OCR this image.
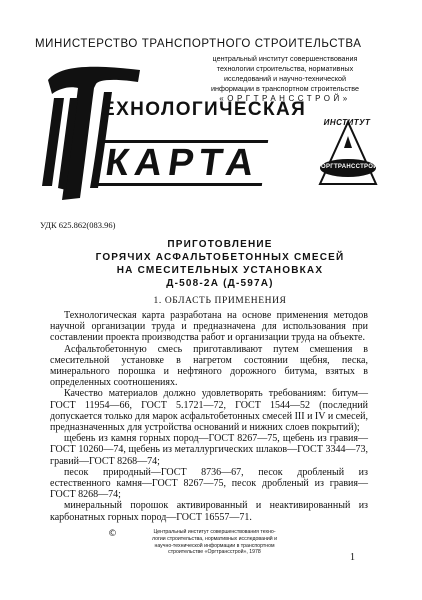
МИНИСТЕРСТВО ТРАНСПОРТНОГО СТРОИТЕЛЬСТВА
центральный институт совершенствования
технологии строительства, нормативных
исследований и научно-технической
информации в транспортном строительстве
«ОРГТРАНССТРОЙ»
ЕХНОЛОГИЧЕСКАЯ
КАРТА
ИНСТИТУТ
ОРГТРАНССТРОЙ
УДК 625.862(083.96)
ПРИГОТОВЛЕНИЕ
ГОРЯЧИХ АСФАЛЬТОБЕТОННЫХ СМЕСЕЙ
НА СМЕСИТЕЛЬНЫХ УСТАНОВКАХ
Д-508-2А (Д-597А)
1. ОБЛАСТЬ ПРИМЕНЕНИЯ

Технологическая карта разработана на основе применения методов научной организации труда и предназначена для использования при составлении проекта производства работ и организации труда на объекте.

Асфальтобетонную смесь приготавливают путем смешения в смесительной установке в нагретом состоянии щебня, песка, минерального порошка и нефтяного дорожного битума, взятых в определенных соотношениях.

Качество материалов должно удовлетворять требованиям: битум—ГОСТ 11954—66, ГОСТ 5.1721—72, ГОСТ 1544—52 (последний допускается только для марок асфальтобетонных смесей III и IV и смесей, предназначенных для устройства оснований и нижних слоев покрытий);

щебень из камня горных пород—ГОСТ 8267—75, щебень из гравия—ГОСТ 10260—74, щебень из металлургических шлаков—ГОСТ 3344—73, гравий—ГОСТ 8268—74;

песок природный—ГОСТ 8736—67, песок дробленый из естественного камня—ГОСТ 8267—75, песок дробленый из гравия—ГОСТ 8268—74;

минеральный порошок активированный и неактивированный из карбонатных горных пород—ГОСТ 16557—71.

©	Центральный институт совершенствования техно-
логии строительства, нормативных исследований и
научно-технической информации в транспортном
строительстве «Оргтрансстрой», 1978	1
